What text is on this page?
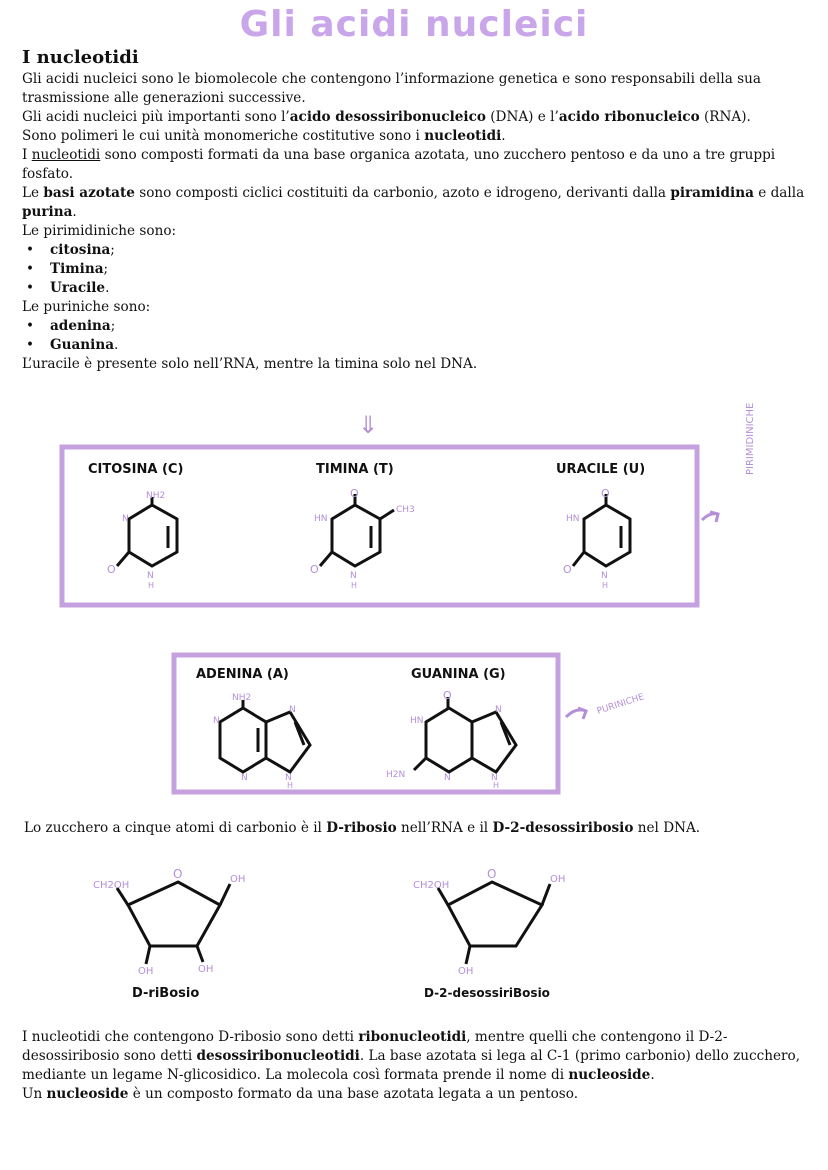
Gli acidi nucleici
I nucleotidi

Gli acidi nucleici sono le biomolecole che contengono l’informazione genetica e sono responsabili della sua trasmissione alle generazioni successive.

Gli acidi nucleici più importanti sono l’acido desossiribonucleico (DNA) e l’acido ribonucleico (RNA).

Sono polimeri le cui unità monomeriche costitutive sono i nucleotidi.

I nucleotidi sono composti formati da una base organica azotata, uno zucchero pentoso e da uno a tre gruppi fosfato.

Le basi azotate sono composti ciclici costituiti da carbonio, azoto e idrogeno, derivanti dalla piramidina e dalla purina.

Le pirimidiniche sono:

• citosina;
• Timina;
• Uracile.

Le puriniche sono:

• adenina;
• Guanina.

L’uracile è presente solo nell’RNA, mentre la timina solo nel DNA.

⇓	PIRIMIDINICHE
CITOSINA (C)	TIMINA (T)	URACILE (U)
NH2
N
N
H
O
O
CH3
HN
N
H
O
O
HN
N
H
O
PURINICHE
ADENINA (A)	GUANINA (G)
NH2
N
N
N
N
H
O
HN
H2N	N
N
N
H
CH2OH
O	OH
OH	OH
D-riBosio
CH2OH
O	OH
OH
D-2-desossiriBosio

Lo zucchero a cinque atomi di carbonio è il D-ribosio nell’RNA e il D-2-desossiribosio nel DNA.

I nucleotidi che contengono D-ribosio sono detti ribonucleotidi, mentre quelli che contengono il D-2-desossiribosio sono detti desossiribonucleotidi. La base azotata si lega al C-1 (primo carbonio) dello zucchero, mediante un legame N-glicosidico. La molecola così formata prende il nome di nucleoside.

Un nucleoside è un composto formato da una base azotata legata a un pentoso.
